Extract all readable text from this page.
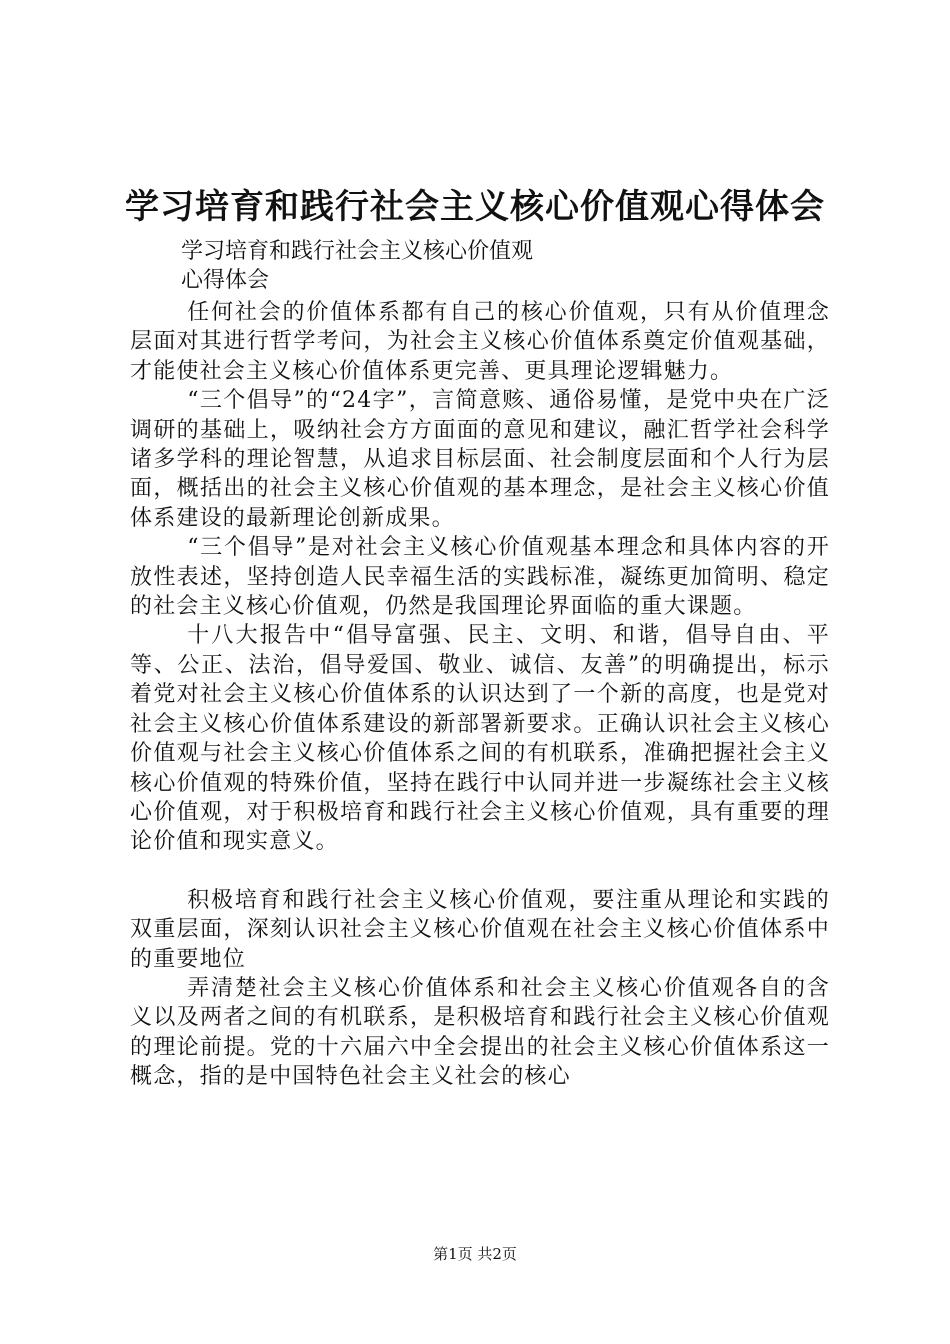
学习培育和践行社会主义核心价值观心得体会
学习培育和践行社会主义核心价值观
心得体会

任何社会的价值体系都有自己的核心价值观，只有从价值理念层面对其进行哲学考问，为社会主义核心价值体系奠定价值观基础，才能使社会主义核心价值体系更完善、更具理论逻辑魅力。

“三个倡导”的“24字”，言简意赅、通俗易懂，是党中央在广泛调研的基础上，吸纳社会方方面面的意见和建议，融汇哲学社会科学诸多学科的理论智慧，从追求目标层面、社会制度层面和个人行为层面，概括出的社会主义核心价值观的基本理念，是社会主义核心价值体系建设的最新理论创新成果。

“三个倡导”是对社会主义核心价值观基本理念和具体内容的开放性表述，坚持创造人民幸福生活的实践标准，凝练更加简明、稳定的社会主义核心价值观，仍然是我国理论界面临的重大课题。

十八大报告中“倡导富强、民主、文明、和谐，倡导自由、平等、公正、法治，倡导爱国、敬业、诚信、友善”的明确提出，标示着党对社会主义核心价值体系的认识达到了一个新的高度，也是党对社会主义核心价值体系建设的新部署新要求。正确认识社会主义核心价值观与社会主义核心价值体系之间的有机联系，准确把握社会主义核心价值观的特殊价值，坚持在践行中认同并进一步凝练社会主义核心价值观，对于积极培育和践行社会主义核心价值观，具有重要的理论价值和现实意义。

积极培育和践行社会主义核心价值观，要注重从理论和实践的双重层面，深刻认识社会主义核心价值观在社会主义核心价值体系中的重要地位

弄清楚社会主义核心价值体系和社会主义核心价值观各自的含义以及两者之间的有机联系，是积极培育和践行社会主义核心价值观的理论前提。党的十六届六中全会提出的社会主义核心价值体系这一概念，指的是中国特色社会主义社会的核心

第1页 共2页
